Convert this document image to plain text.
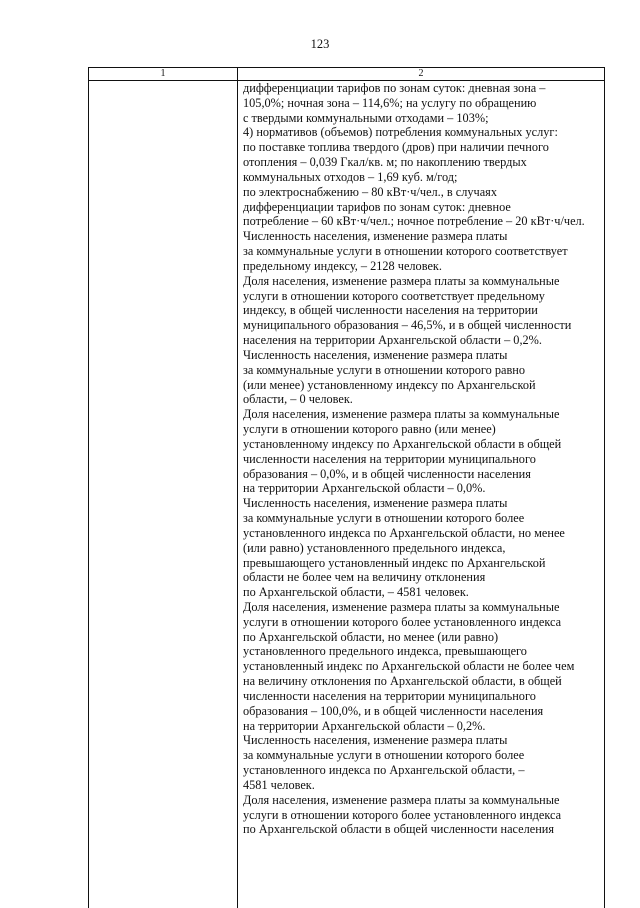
123
1	2
дифференциации тарифов по зонам суток: дневная зона –
105,0%; ночная зона – 114,6%; на услугу по обращению
с твердыми коммунальными отходами – 103%;
4) нормативов (объемов) потребления коммунальных услуг:
по поставке топлива твердого (дров) при наличии печного
отопления – 0,039 Гкал/кв. м; по накоплению твердых
коммунальных отходов – 1,69 куб. м/год;
по электроснабжению – 80 кВт·ч/чел., в случаях
дифференциации тарифов по зонам суток: дневное
потребление – 60 кВт·ч/чел.; ночное потребление – 20 кВт·ч/чел.
Численность населения, изменение размера платы
за коммунальные услуги в отношении которого соответствует
предельному индексу, – 2128 человек.
Доля населения, изменение размера платы за коммунальные
услуги в отношении которого соответствует предельному
индексу, в общей численности населения на территории
муниципального образования – 46,5%, и в общей численности
населения на территории Архангельской области – 0,2%.
Численность населения, изменение размера платы
за коммунальные услуги в отношении которого равно
(или менее) установленному индексу по Архангельской
области, – 0 человек.
Доля населения, изменение размера платы за коммунальные
услуги в отношении которого равно (или менее)
установленному индексу по Архангельской области в общей
численности населения на территории муниципального
образования – 0,0%, и в общей численности населения
на территории Архангельской области – 0,0%.
Численность населения, изменение размера платы
за коммунальные услуги в отношении которого более
установленного индекса по Архангельской области, но менее
(или равно) установленного предельного индекса,
превышающего установленный индекс по Архангельской
области не более чем на величину отклонения
по Архангельской области, – 4581 человек.
Доля населения, изменение размера платы за коммунальные
услуги в отношении которого более установленного индекса
по Архангельской области, но менее (или равно)
установленного предельного индекса, превышающего
установленный индекс по Архангельской области не более чем
на величину отклонения по Архангельской области, в общей
численности населения на территории муниципального
образования – 100,0%, и в общей численности населения
на территории Архангельской области – 0,2%.
Численность населения, изменение размера платы
за коммунальные услуги в отношении которого более
установленного индекса по Архангельской области, –
4581 человек.
Доля населения, изменение размера платы за коммунальные
услуги в отношении которого более установленного индекса
по Архангельской области в общей численности населения
